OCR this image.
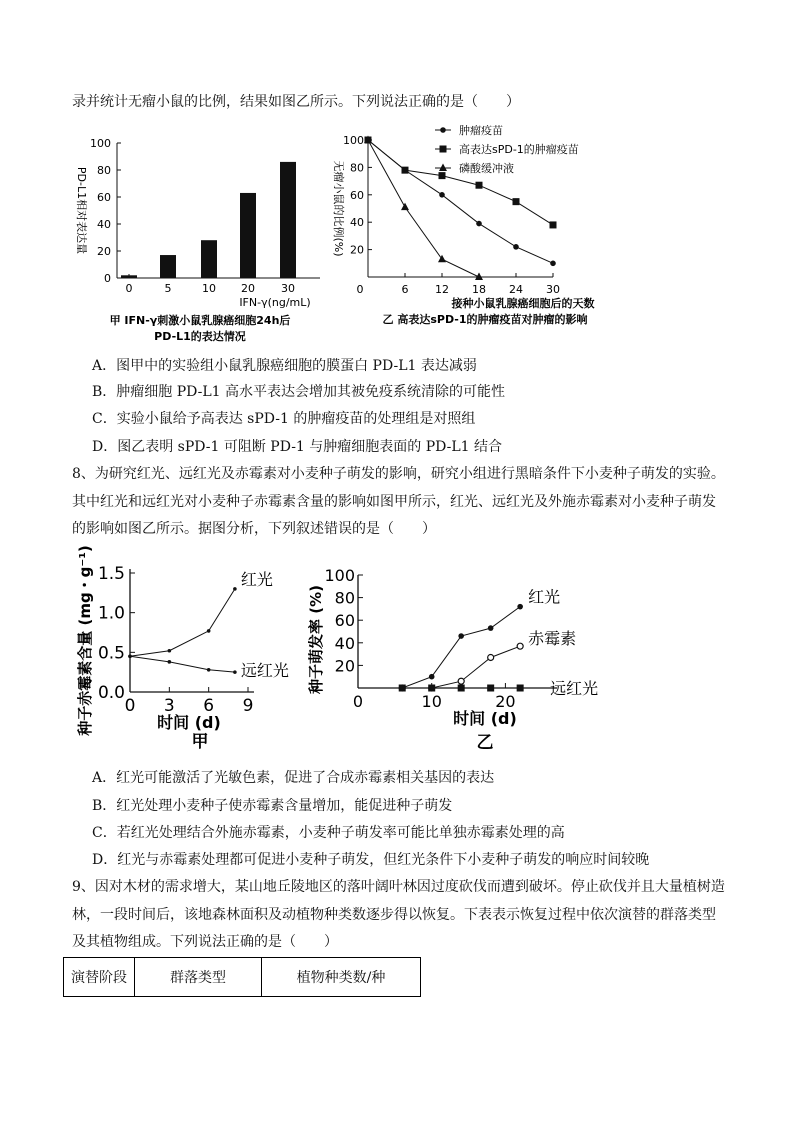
录并统计无瘤小鼠的比例，结果如图乙所示。下列说法正确的是（　　）
0
20
40
60
80
100
0	5	10 20 30
IFN-γ(ng/mL)
PD-L1相对表达量
甲 IFN-γ刺激小鼠乳腺癌细胞24h后
PD-L1的表达情况
20
40
60
80
100
0	6 12 18 24 30
接种小鼠乳腺癌细胞后的天数
无瘤小鼠的比例(%)
肿瘤疫苗
高表达sPD-1的肿瘤疫苗
磷酸缓冲液
乙 高表达sPD-1的肿瘤疫苗对肿瘤的影响
A．图甲中的实验组小鼠乳腺癌细胞的膜蛋白 PD-L1 表达减弱
B．肿瘤细胞 PD-L1 高水平表达会增加其被免疫系统清除的可能性
C．实验小鼠给予高表达 sPD-1 的肿瘤疫苗的处理组是对照组
D．图乙表明 sPD-1 可阻断 PD-1 与肿瘤细胞表面的 PD-L1 结合
8、为研究红光、远红光及赤霉素对小麦种子萌发的影响，研究小组进行黑暗条件下小麦种子萌发的实验。
其中红光和远红光对小麦种子赤霉素含量的影响如图甲所示，红光、远红光及外施赤霉素对小麦种子萌发
的影响如图乙所示。据图分析，下列叙述错误的是（　　）
0.0
0.5
1.0
1.5
0 3 6 9
时间 (d)
种子赤霉素含量 (mg・g⁻¹)	红光
远红光
甲
20
40
60
80
100
0	10	20
时间 (d)
种子萌发率 (%)	红光
赤霉素
远红光
乙
A．红光可能激活了光敏色素，促进了合成赤霉素相关基因的表达
B．红光处理小麦种子使赤霉素含量增加，能促进种子萌发
C．若红光处理结合外施赤霉素，小麦种子萌发率可能比单独赤霉素处理的高
D．红光与赤霉素处理都可促进小麦种子萌发，但红光条件下小麦种子萌发的响应时间较晚
9、因对木材的需求增大，某山地丘陵地区的落叶阔叶林因过度砍伐而遭到破坏。停止砍伐并且大量植树造
林，一段时间后，该地森林面积及动植物种类数逐步得以恢复。下表表示恢复过程中依次演替的群落类型
及其植物组成。下列说法正确的是（　　）
演替阶段	群落类型	植物种类数/种
